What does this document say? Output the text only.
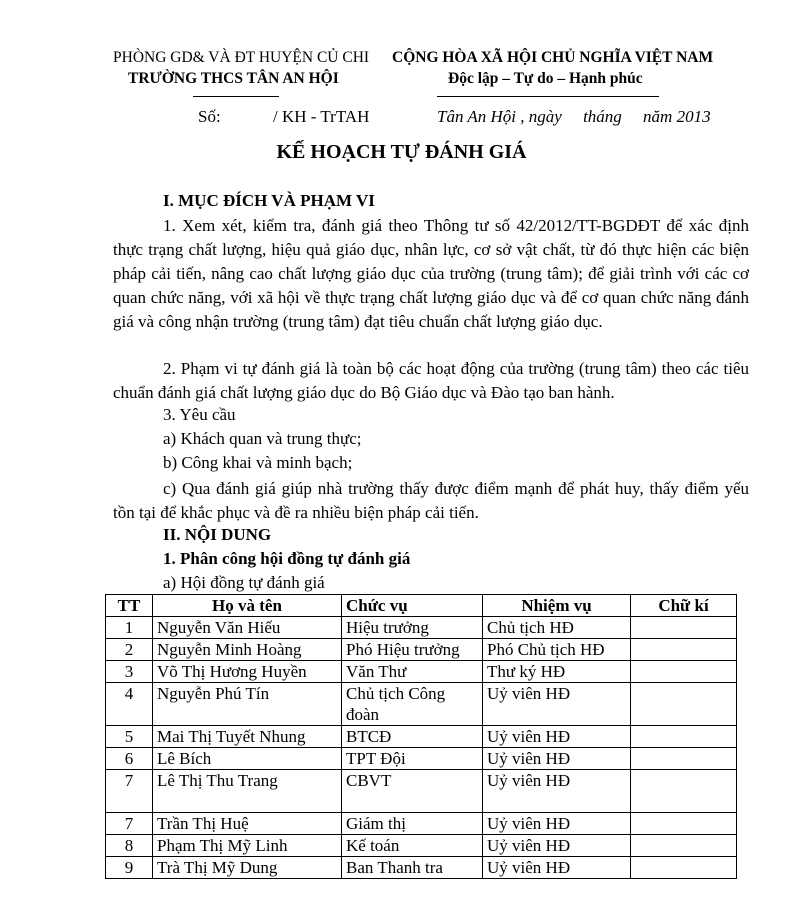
PHÒNG GD& VÀ ĐT HUYỆN CỦ CHI
TRƯỜNG THCS TÂN AN HỘI
CỘNG HÒA XÃ HỘI CHỦ NGHĨA VIỆT NAM
Độc lập – Tự do – Hạnh phúc
Số:	/ KH - TrTAH	Tân An Hội , ngày     tháng     năm 2013
KẾ HOẠCH TỰ ĐÁNH GIÁ
I. MỤC ĐÍCH VÀ PHẠM VI
1. Xem xét, kiểm tra, đánh giá theo Thông tư số 42/2012/TT-BGDĐT để xác định thực trạng chất lượng, hiệu quả giáo dục, nhân lực, cơ sở vật chất, từ đó thực hiện các biện pháp cải tiến, nâng cao chất lượng giáo dục của trường (trung tâm); để giải trình với các cơ quan chức năng, với xã hội về thực trạng chất lượng giáo dục và để cơ quan chức năng đánh giá và công nhận trường (trung tâm) đạt tiêu chuẩn chất lượng giáo dục.
2. Phạm vi tự đánh giá là toàn bộ các hoạt động của trường (trung tâm) theo các tiêu chuẩn đánh giá chất lượng giáo dục do Bộ Giáo dục và Đào tạo ban hành.
3. Yêu cầu
a) Khách quan và trung thực;
b) Công khai và minh bạch;
c) Qua đánh giá giúp nhà trường thấy được điểm mạnh để phát huy, thấy điểm yếu tồn tại để khắc phục và đề ra nhiều biện pháp cải tiến.
II. NỘI DUNG
1. Phân công hội đồng tự đánh giá
a) Hội đồng tự đánh giá
TT	Họ và tên	Chức vụ	Nhiệm vụ	Chữ kí
1	Nguyễn Văn Hiếu	Hiệu trưởng	Chủ tịch HĐ	
2	Nguyễn Minh Hoàng	Phó Hiệu trưởng	Phó Chủ tịch HĐ	
3	Võ Thị Hương Huyền	Văn Thư	Thư ký HĐ	
4	Nguyễn Phú Tín	Chủ tịch Công đoàn	Uỷ viên HĐ	
5	Mai Thị Tuyết Nhung	BTCĐ	Uỷ viên HĐ	
6	Lê Bích	TPT Đội	Uỷ viên HĐ	
7	Lê Thị Thu Trang	CBVT	Uỷ viên HĐ	
7	Trần Thị Huệ	Giám thị	Uỷ viên HĐ	
8	Phạm Thị Mỹ Linh	Kế toán	Uỷ viên HĐ	
9	Trà Thị Mỹ Dung	Ban Thanh tra	Uỷ viên HĐ	
